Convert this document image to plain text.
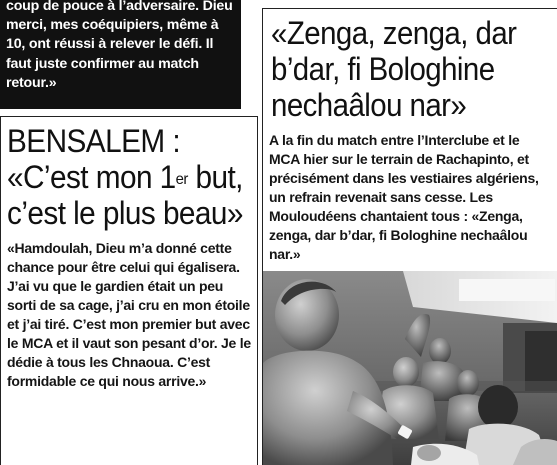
coup de pouce à l’adversaire. Dieu merci, mes coéquipiers, même à 10, ont réussi à relever le défi. Il faut juste confirmer au match retour.»

BENSALEM : «C’est mon 1er but, c’est le plus beau»

«Hamdoulah, Dieu m’a donné cette chance pour être celui qui égalisera. J’ai vu que le gardien était un peu sorti de sa cage, j’ai cru en mon étoile et j’ai tiré. C’est mon premier but avec le MCA et il vaut son pesant d’or. Je le dédie à tous les Chnaoua. C’est formidable ce qui nous arrive.»

«Zenga, zenga, dar b’dar, fi Bologhine nechaâlou nar»

A la fin du match entre l’Interclube et le MCA hier sur le terrain de Rachapinto, et précisément dans les vestiaires algériens, un refrain revenait sans cesse. Les Mouloudéens chantaient tous : «Zenga, zenga, dar b’dar, fi Bologhine nechaâlou nar.»
